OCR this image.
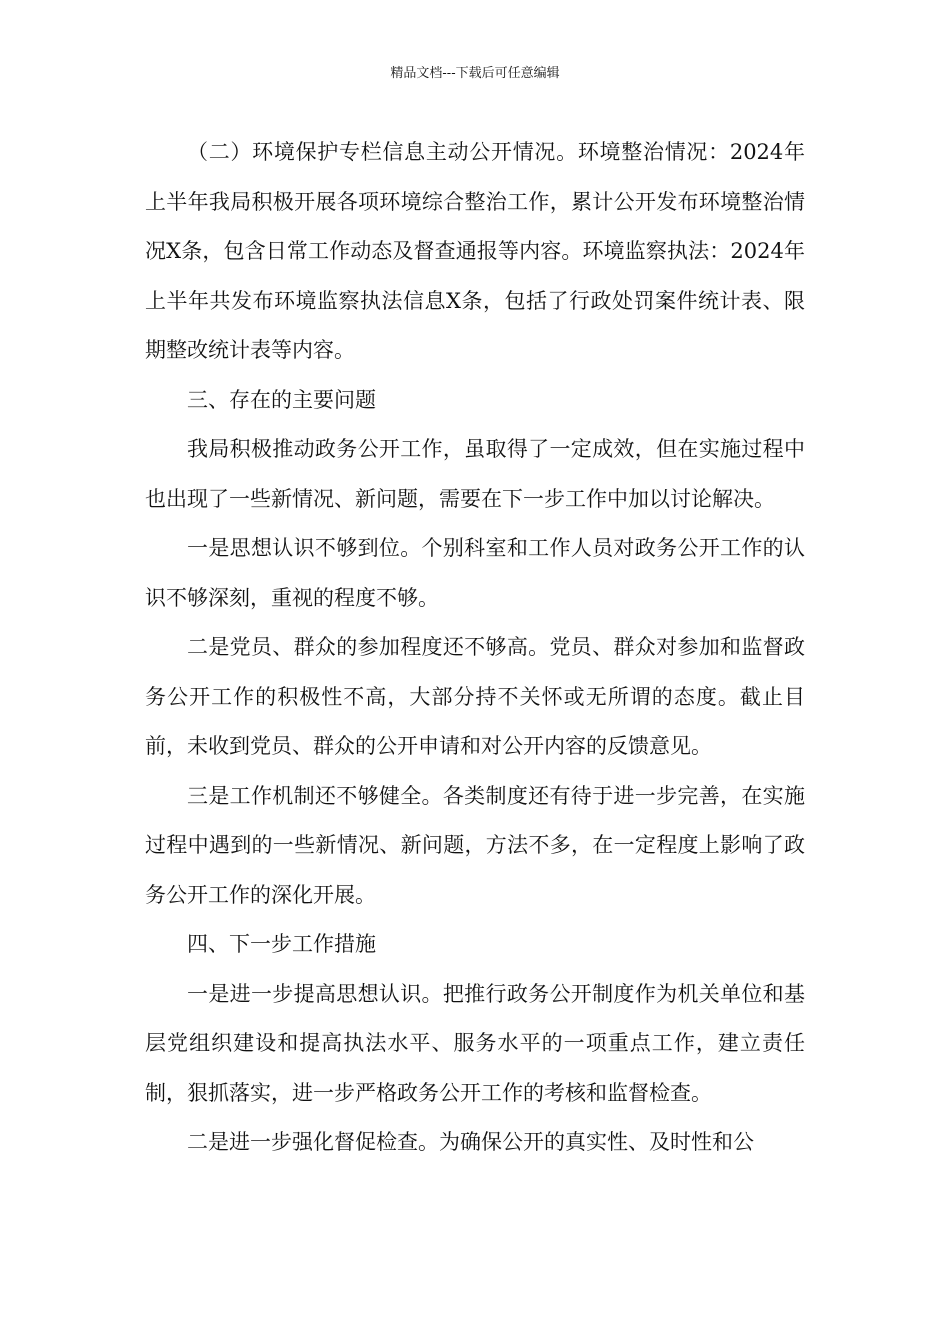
精品文档---下载后可任意编辑

（二）环境保护专栏信息主动公开情况。环境整治情况：2024年上半年我局积极开展各项环境综合整治工作，累计公开发布环境整治情况X条，包含日常工作动态及督查通报等内容。环境监察执法：2024年上半年共发布环境监察执法信息X条，包括了行政处罚案件统计表、限期整改统计表等内容。

三、存在的主要问题

我局积极推动政务公开工作，虽取得了一定成效，但在实施过程中也出现了一些新情况、新问题，需要在下一步工作中加以讨论解决。

一是思想认识不够到位。个别科室和工作人员对政务公开工作的认识不够深刻，重视的程度不够。

二是党员、群众的参加程度还不够高。党员、群众对参加和监督政务公开工作的积极性不高，大部分持不关怀或无所谓的态度。截止目前，未收到党员、群众的公开申请和对公开内容的反馈意见。

三是工作机制还不够健全。各类制度还有待于进一步完善，在实施过程中遇到的一些新情况、新问题，方法不多，在一定程度上影响了政务公开工作的深化开展。

四、下一步工作措施

一是进一步提高思想认识。把推行政务公开制度作为机关单位和基层党组织建设和提高执法水平、服务水平的一项重点工作，建立责任制，狠抓落实，进一步严格政务公开工作的考核和监督检查。

二是进一步强化督促检查。为确保公开的真实性、及时性和公
